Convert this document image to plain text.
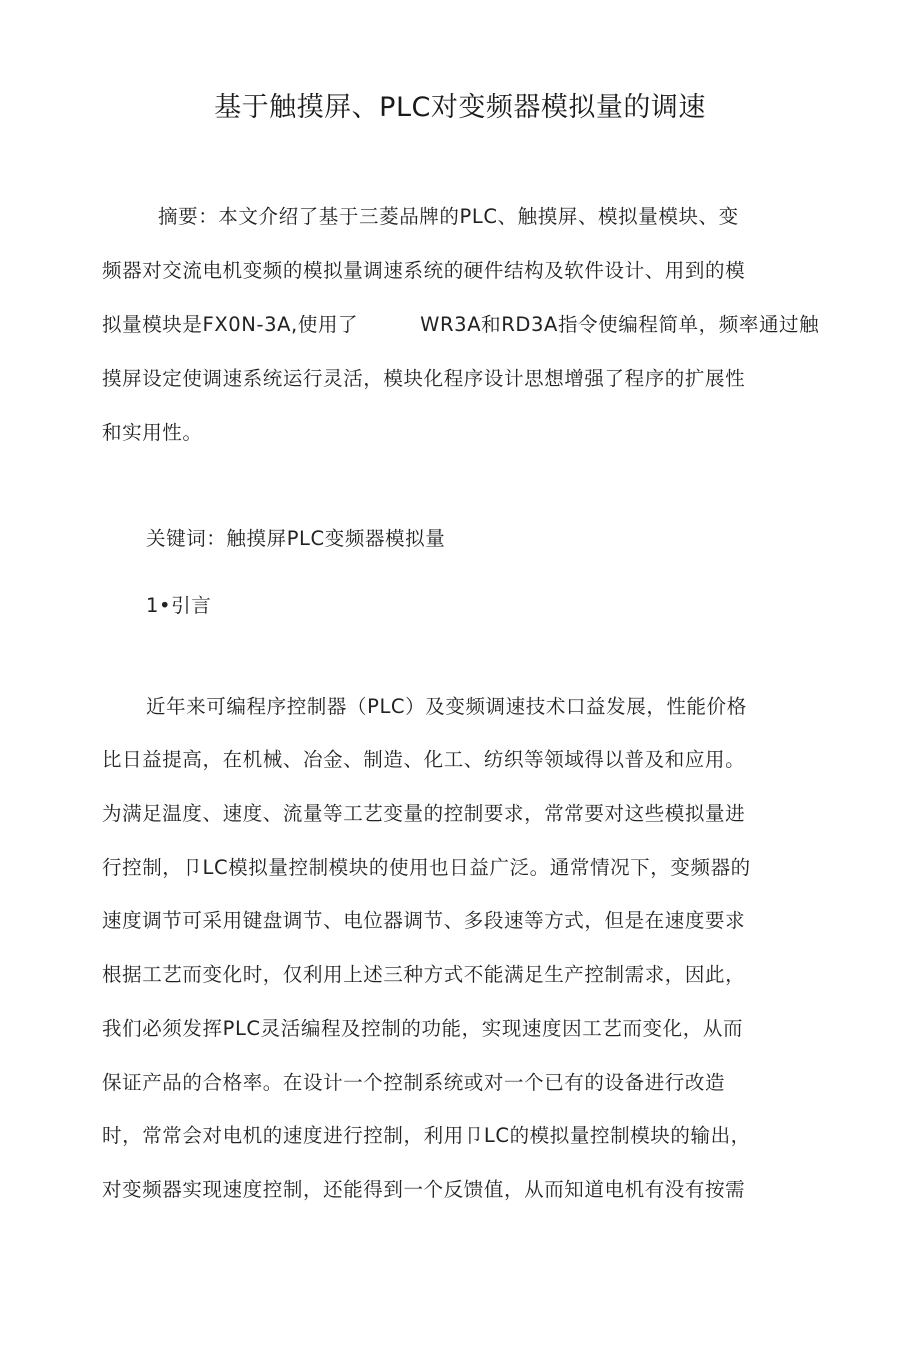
基于触摸屏、PLC对变频器模拟量的调速
摘要：本文介绍了基于三菱品牌的PLC、触摸屏、模拟量模块、变
频器对交流电机变频的模拟量调速系统的硬件结构及软件设计、用到的模
拟量模块是FX0N-3A,使用了	WR3A和RD3A指令使编程简单，频率通过触
摸屏设定使调速系统运行灵活，模块化程序设计思想增强了程序的扩展性
和实用性。
关键词：触摸屏PLC变频器模拟量
1•引言
近年来可编程序控制器（PLC）及变频调速技术口益发展，性能价格
比日益提高，在机械、冶金、制造、化工、纺织等领域得以普及和应用。
为满足温度、速度、流量等工艺变量的控制要求，常常要对这些模拟量进
行控制，卩LC模拟量控制模块的使用也日益广泛。通常情况下，变频器的
速度调节可采用键盘调节、电位器调节、多段速等方式，但是在速度要求
根据工艺而变化时，仅利用上述三种方式不能满足生产控制需求，因此，
我们必须发挥PLC灵活编程及控制的功能，实现速度因工艺而变化，从而
保证产品的合格率。在设计一个控制系统或对一个已有的设备进行改造
时，常常会对电机的速度进行控制，利用卩LC的模拟量控制模块的输出，
对变频器实现速度控制，还能得到一个反馈值，从而知道电机有没有按需
